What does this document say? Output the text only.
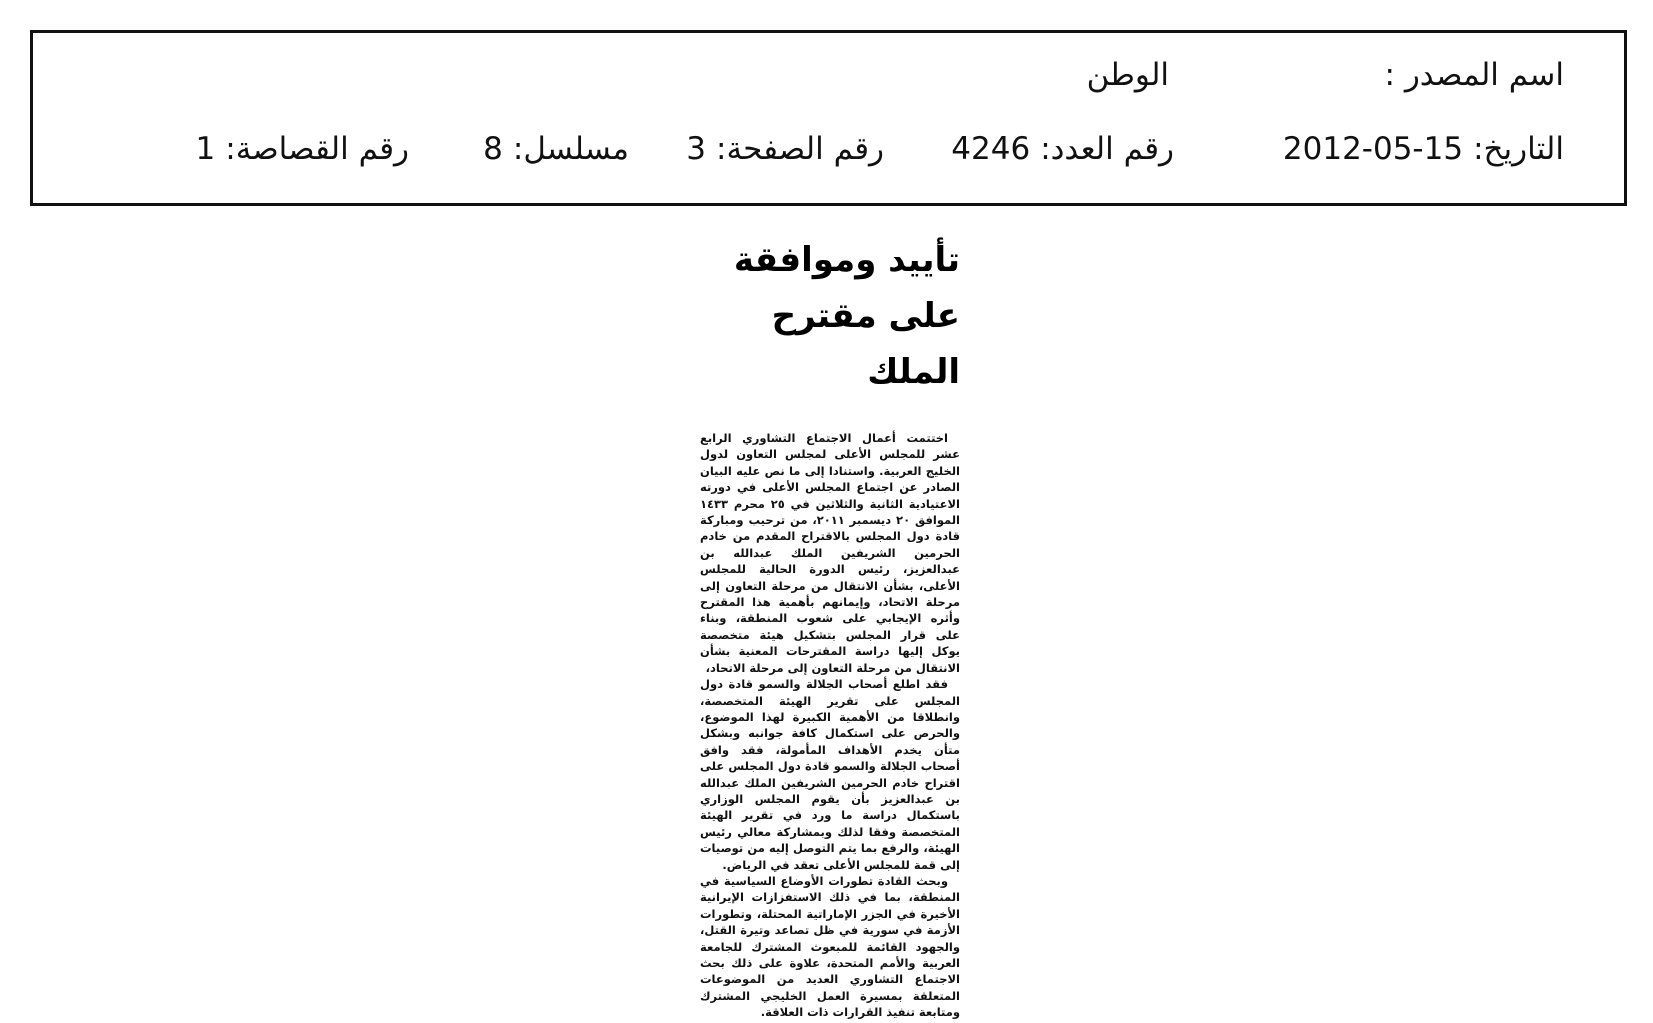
اسم المصدر :
الوطن
التاريخ:2012-05-15
رقم العدد:4246
رقم الصفحة:3
مسلسل:8
رقم القصاصة:1
تأييد وموافقة
على مقترح الملك

اختتمت أعمال الاجتماع التشاوري الرابع عشر للمجلس الأعلى لمجلس التعاون لدول الخليج العربية. واستنادا إلى ما نص عليه البيان الصادر عن اجتماع المجلس الأعلى في دورته الاعتيادية الثانية والثلاثين في ٢٥ محرم ١٤٣٣ الموافق ٢٠ ديسمبر ٢٠١١، من ترحيب ومباركة قادة دول المجلس بالاقتراح المقدم من خادم الحرمين الشريفين الملك عبدالله بن عبدالعزيز، رئيس الدورة الحالية للمجلس الأعلى، بشأن الانتقال من مرحلة التعاون إلى مرحلة الاتحاد، وإيمانهم بأهمية هذا المقترح وأثره الإيجابي على شعوب المنطقة، وبناء على قرار المجلس بتشكيل هيئة متخصصة يوكل إليها دراسة المقترحات المعنية بشأن الانتقال من مرحلة التعاون إلى مرحلة الاتحاد،

فقد اطلع أصحاب الجلالة والسمو قادة دول المجلس على تقرير الهيئة المتخصصة، وانطلاقا من الأهمية الكبيرة لهذا الموضوع، والحرص على استكمال كافة جوانبه وبشكل متأن يخدم الأهداف المأمولة، فقد وافق أصحاب الجلالة والسمو قادة دول المجلس على اقتراح خادم الحرمين الشريفين الملك عبدالله بن عبدالعزيز بأن يقوم المجلس الوزاري باستكمال دراسة ما ورد في تقرير الهيئة المتخصصة وفقا لذلك وبمشاركة معالي رئيس الهيئة، والرفع بما يتم التوصل إليه من توصيات إلى قمة للمجلس الأعلى تعقد في الرياض.

وبحث القادة تطورات الأوضاع السياسية في المنطقة، بما في ذلك الاستفزازات الإيرانية الأخيرة في الجزر الإماراتية المحتلة، وتطورات الأزمة في سورية في ظل تصاعد وتيرة القتل، والجهود القائمة للمبعوث المشترك للجامعة العربية والأمم المتحدة، علاوة على ذلك بحث الاجتماع التشاوري العديد من الموضوعات المتعلقة بمسيرة العمل الخليجي المشترك ومتابعة تنفيذ القرارات ذات العلاقة.
